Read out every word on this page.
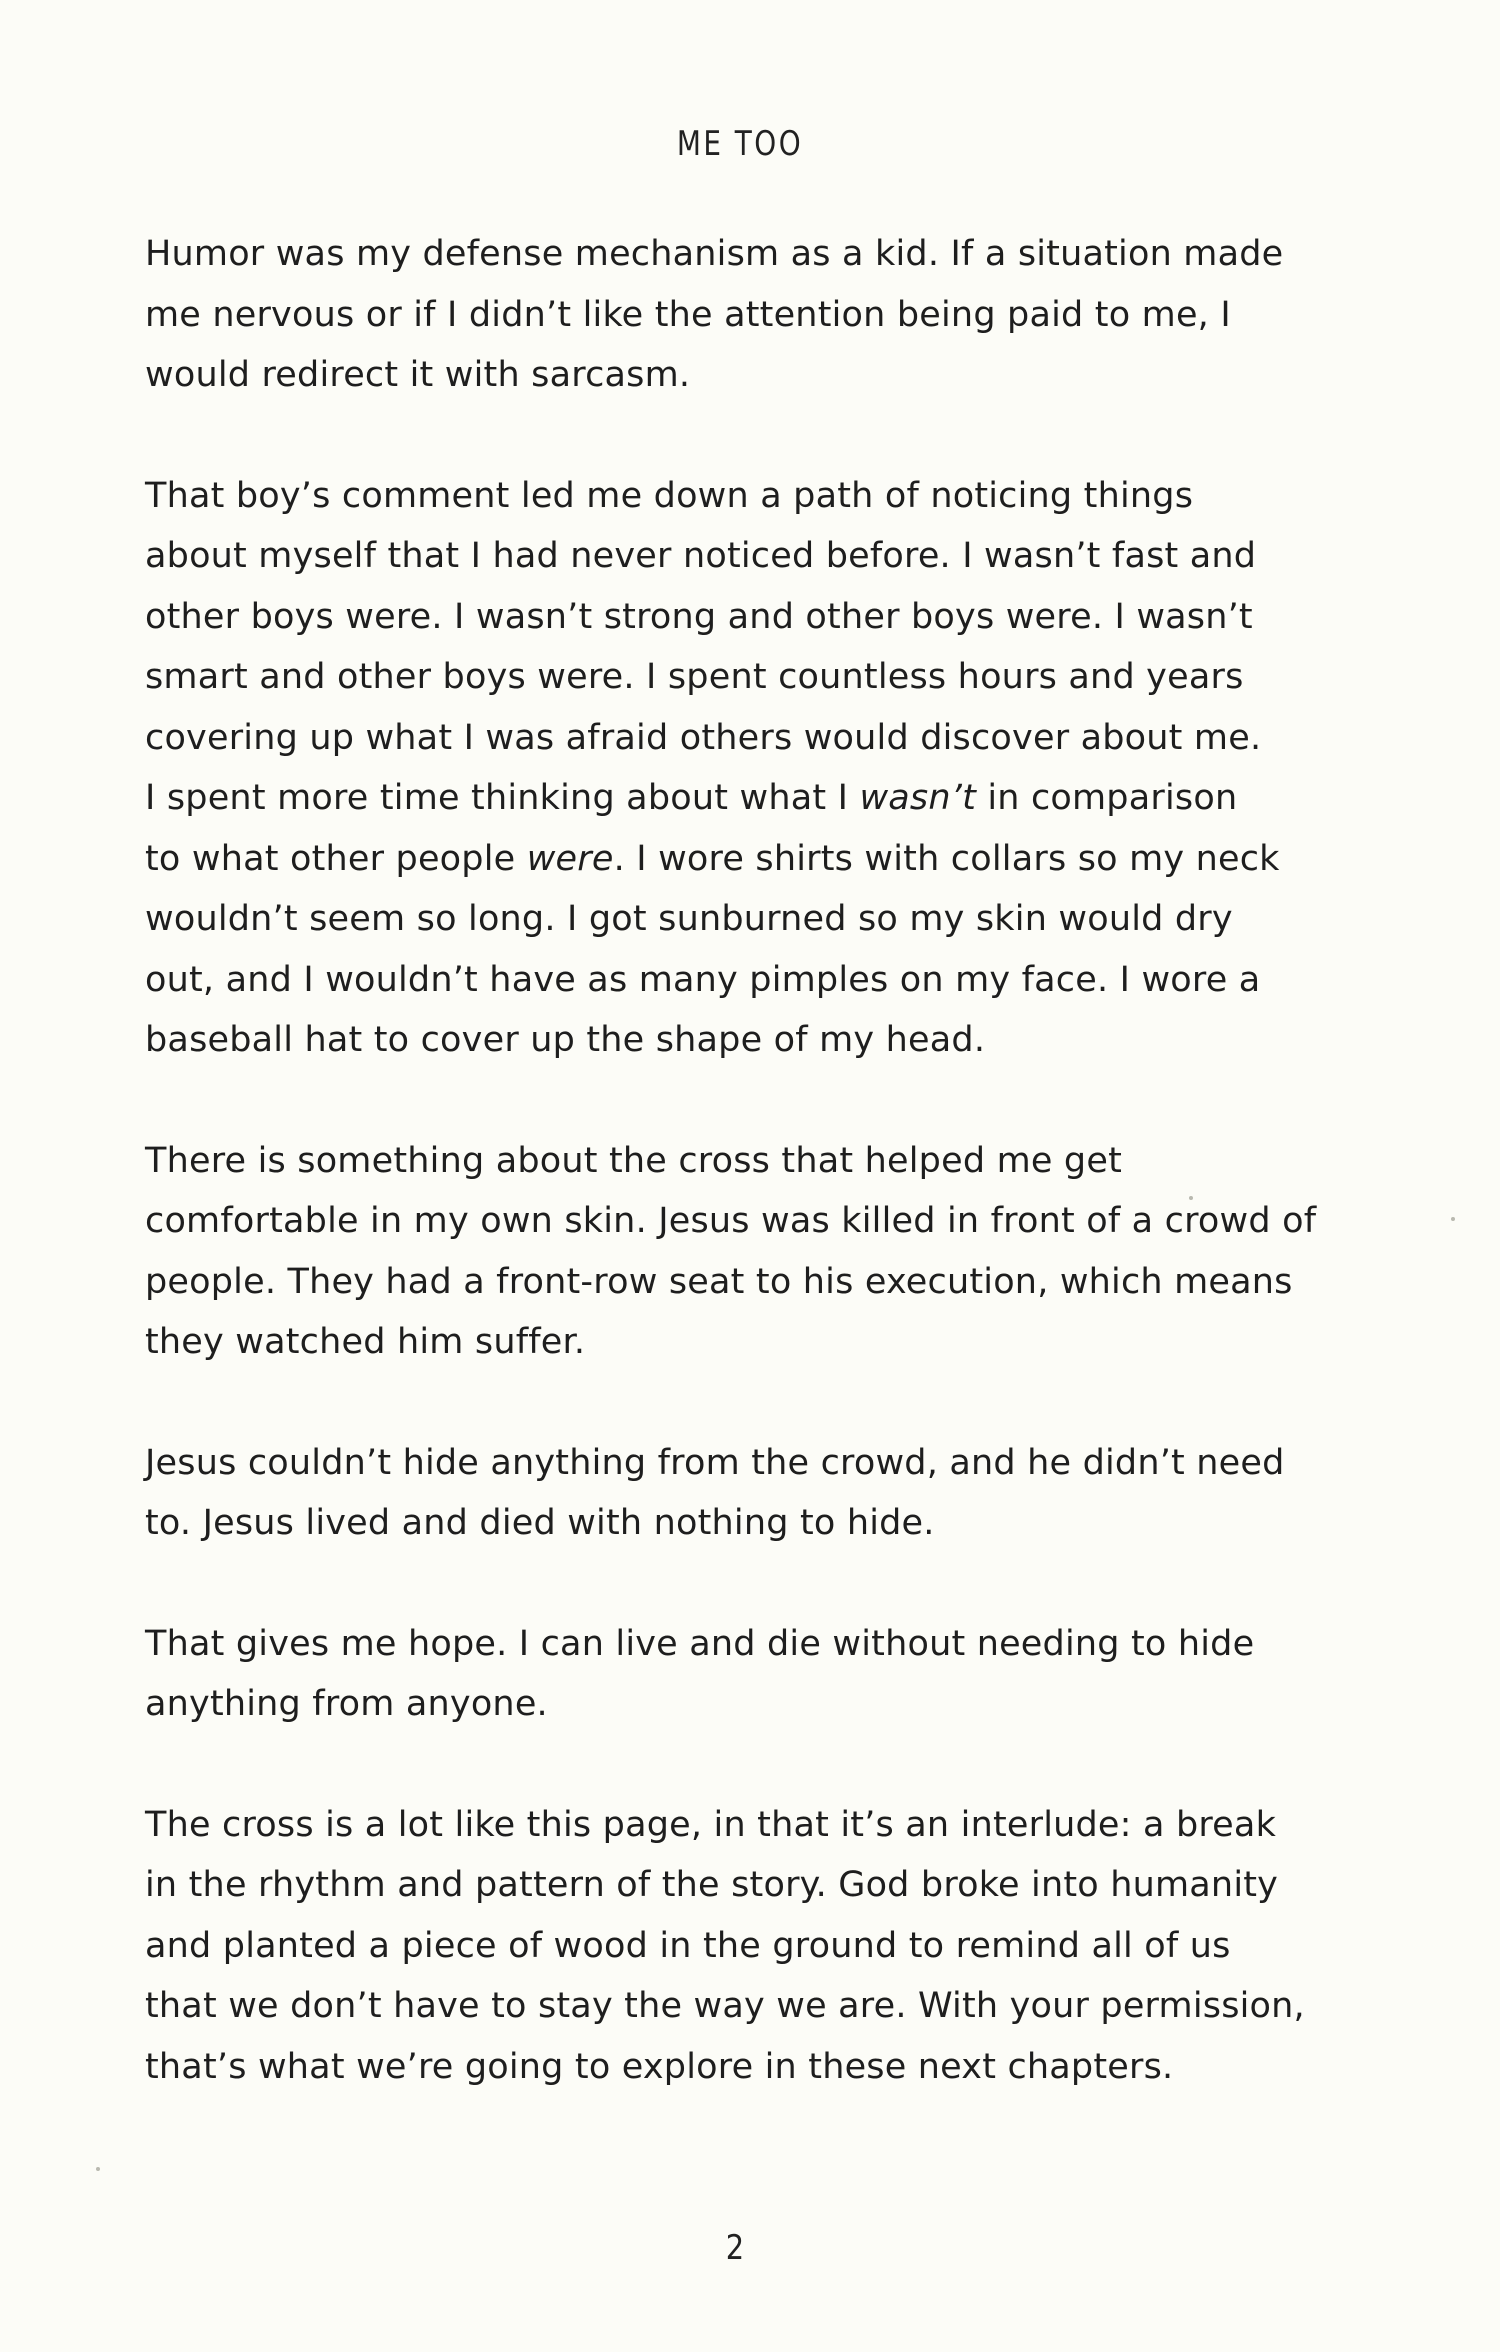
ME TOO

Humor was my defense mechanism as a kid. If a situation made
me nervous or if I didn’t like the attention being paid to me, I
would redirect it with sarcasm.

That boy’s comment led me down a path of noticing things
about myself that I had never noticed before. I wasn’t fast and
other boys were. I wasn’t strong and other boys were. I wasn’t
smart and other boys were. I spent countless hours and years
covering up what I was afraid others would discover about me.
I spent more time thinking about what I wasn’t in comparison
to what other people were. I wore shirts with collars so my neck
wouldn’t seem so long. I got sunburned so my skin would dry
out, and I wouldn’t have as many pimples on my face. I wore a
baseball hat to cover up the shape of my head.

There is something about the cross that helped me get
comfortable in my own skin. Jesus was killed in front of a crowd of
people. They had a front-row seat to his execution, which means
they watched him suffer.

Jesus couldn’t hide anything from the crowd, and he didn’t need
to. Jesus lived and died with nothing to hide.

That gives me hope. I can live and die without needing to hide
anything from anyone.

The cross is a lot like this page, in that it’s an interlude: a break
in the rhythm and pattern of the story. God broke into humanity
and planted a piece of wood in the ground to remind all of us
that we don’t have to stay the way we are. With your permission,
that’s what we’re going to explore in these next chapters.

2
